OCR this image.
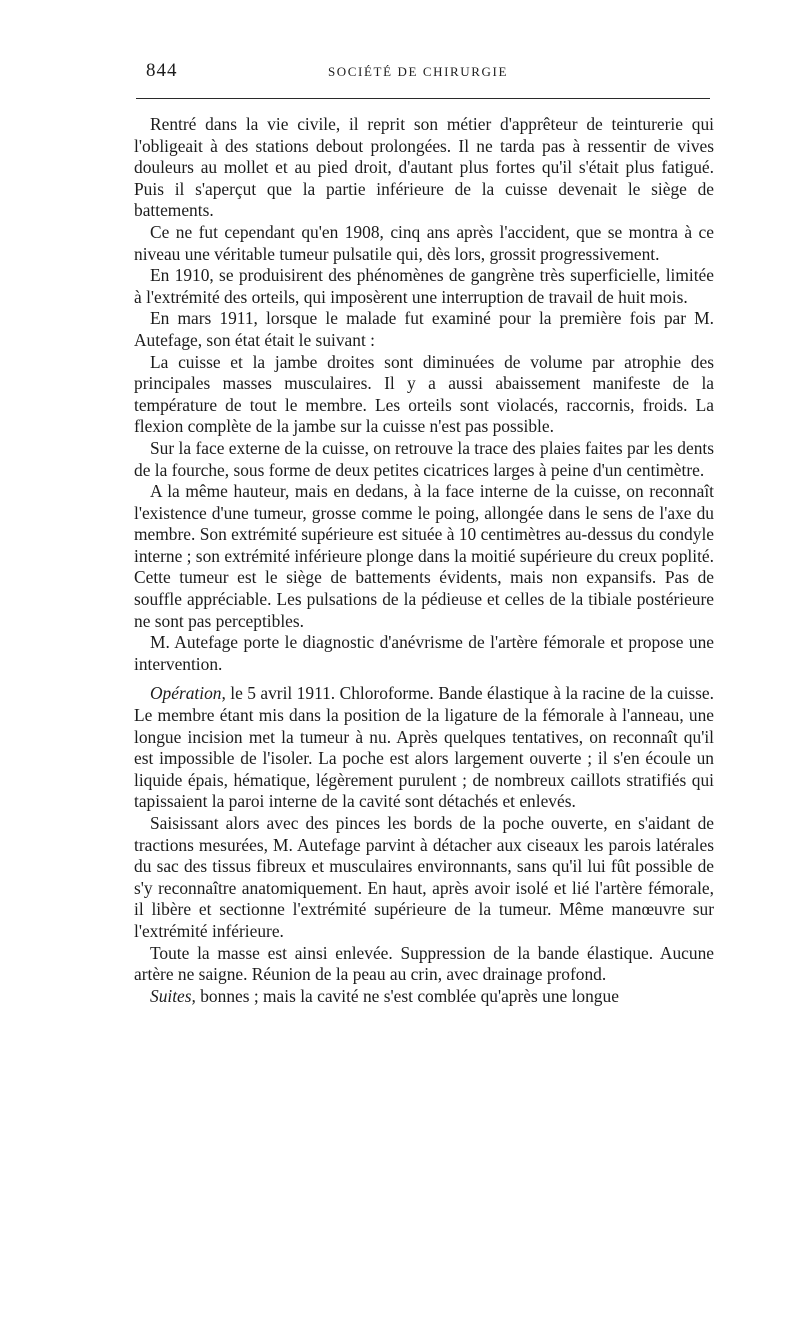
844	SOCIÉTÉ DE CHIRURGIE

Rentré dans la vie civile, il reprit son métier d'apprêteur de teinturerie qui l'obligeait à des stations debout prolongées. Il ne tarda pas à ressentir de vives douleurs au mollet et au pied droit, d'autant plus fortes qu'il s'était plus fatigué. Puis il s'aperçut que la partie inférieure de la cuisse devenait le siège de battements.

Ce ne fut cependant qu'en 1908, cinq ans après l'accident, que se montra à ce niveau une véritable tumeur pulsatile qui, dès lors, grossit progressivement.

En 1910, se produisirent des phénomènes de gangrène très superficielle, limitée à l'extrémité des orteils, qui imposèrent une interruption de travail de huit mois.

En mars 1911, lorsque le malade fut examiné pour la première fois par M. Autefage, son état était le suivant :

La cuisse et la jambe droites sont diminuées de volume par atrophie des principales masses musculaires. Il y a aussi abaissement manifeste de la température de tout le membre. Les orteils sont violacés, raccornis, froids. La flexion complète de la jambe sur la cuisse n'est pas possible.

Sur la face externe de la cuisse, on retrouve la trace des plaies faites par les dents de la fourche, sous forme de deux petites cicatrices larges à peine d'un centimètre.

A la même hauteur, mais en dedans, à la face interne de la cuisse, on reconnaît l'existence d'une tumeur, grosse comme le poing, allongée dans le sens de l'axe du membre. Son extrémité supérieure est située à 10 centimètres au-dessus du condyle interne ; son extrémité inférieure plonge dans la moitié supérieure du creux poplité. Cette tumeur est le siège de battements évidents, mais non expansifs. Pas de souffle appréciable. Les pulsations de la pédieuse et celles de la tibiale postérieure ne sont pas perceptibles.

M. Autefage porte le diagnostic d'anévrisme de l'artère fémorale et propose une intervention.

Opération, le 5 avril 1911. Chloroforme. Bande élastique à la racine de la cuisse. Le membre étant mis dans la position de la ligature de la fémorale à l'anneau, une longue incision met la tumeur à nu. Après quelques tentatives, on reconnaît qu'il est impossible de l'isoler. La poche est alors largement ouverte ; il s'en écoule un liquide épais, hématique, légèrement purulent ; de nombreux caillots stratifiés qui tapissaient la paroi interne de la cavité sont détachés et enlevés.

Saisissant alors avec des pinces les bords de la poche ouverte, en s'aidant de tractions mesurées, M. Autefage parvint à détacher aux ciseaux les parois latérales du sac des tissus fibreux et musculaires environnants, sans qu'il lui fût possible de s'y reconnaître anatomiquement. En haut, après avoir isolé et lié l'artère fémorale, il libère et sectionne l'extrémité supérieure de la tumeur. Même manœuvre sur l'extrémité inférieure.

Toute la masse est ainsi enlevée. Suppression de la bande élastique. Aucune artère ne saigne. Réunion de la peau au crin, avec drainage profond.

Suites, bonnes ; mais la cavité ne s'est comblée qu'après une longue
